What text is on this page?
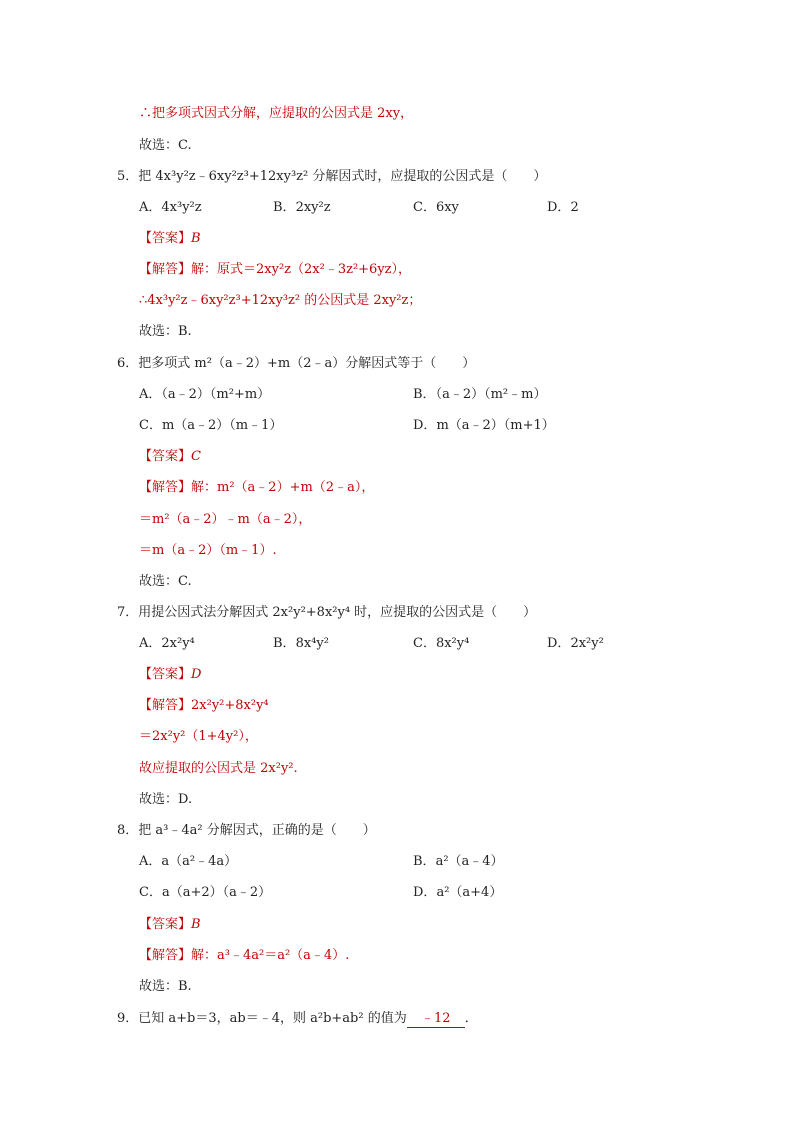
∴把多项式因式分解，应提取的公因式是 2xy，
故选：C.
5．把 4x³y²z﹣6xy²z³+12xy³z² 分解因式时，应提取的公因式是（　　）
A．4x³y²z	B．2xy²z	C．6xy	D．2
【答案】B
【解答】解：原式＝2xy²z（2x²﹣3z²+6yz），
∴4x³y²z﹣6xy²z³+12xy³z² 的公因式是 2xy²z；
故选：B.
6．把多项式 m²（a﹣2）+m（2﹣a）分解因式等于（　　）
A．（a﹣2）（m²+m）	B．（a﹣2）（m²﹣m）
C．m（a﹣2）（m﹣1）	D．m（a﹣2）（m+1）
【答案】C
【解答】解：m²（a﹣2）+m（2﹣a），
＝m²（a﹣2）﹣m（a﹣2），
＝m（a﹣2）（m﹣1）.
故选：C.
7．用提公因式法分解因式 2x²y²+8x²y⁴ 时，应提取的公因式是（　　）
A．2x²y⁴	B．8x⁴y²	C．8x²y⁴	D．2x²y²
【答案】D
【解答】2x²y²+8x²y⁴
＝2x²y²（1+4y²），
故应提取的公因式是 2x²y².
故选：D.
8．把 a³﹣4a² 分解因式，正确的是（　　）
A．a（a²﹣4a）	B．a²（a﹣4）
C．a（a+2）（a﹣2）	D．a²（a+4）
【答案】B
【解答】解：a³﹣4a²＝a²（a﹣4）.
故选：B.
9．已知 a+b＝3，ab＝﹣4，则 a²b+ab² 的值为 ﹣12 ．
